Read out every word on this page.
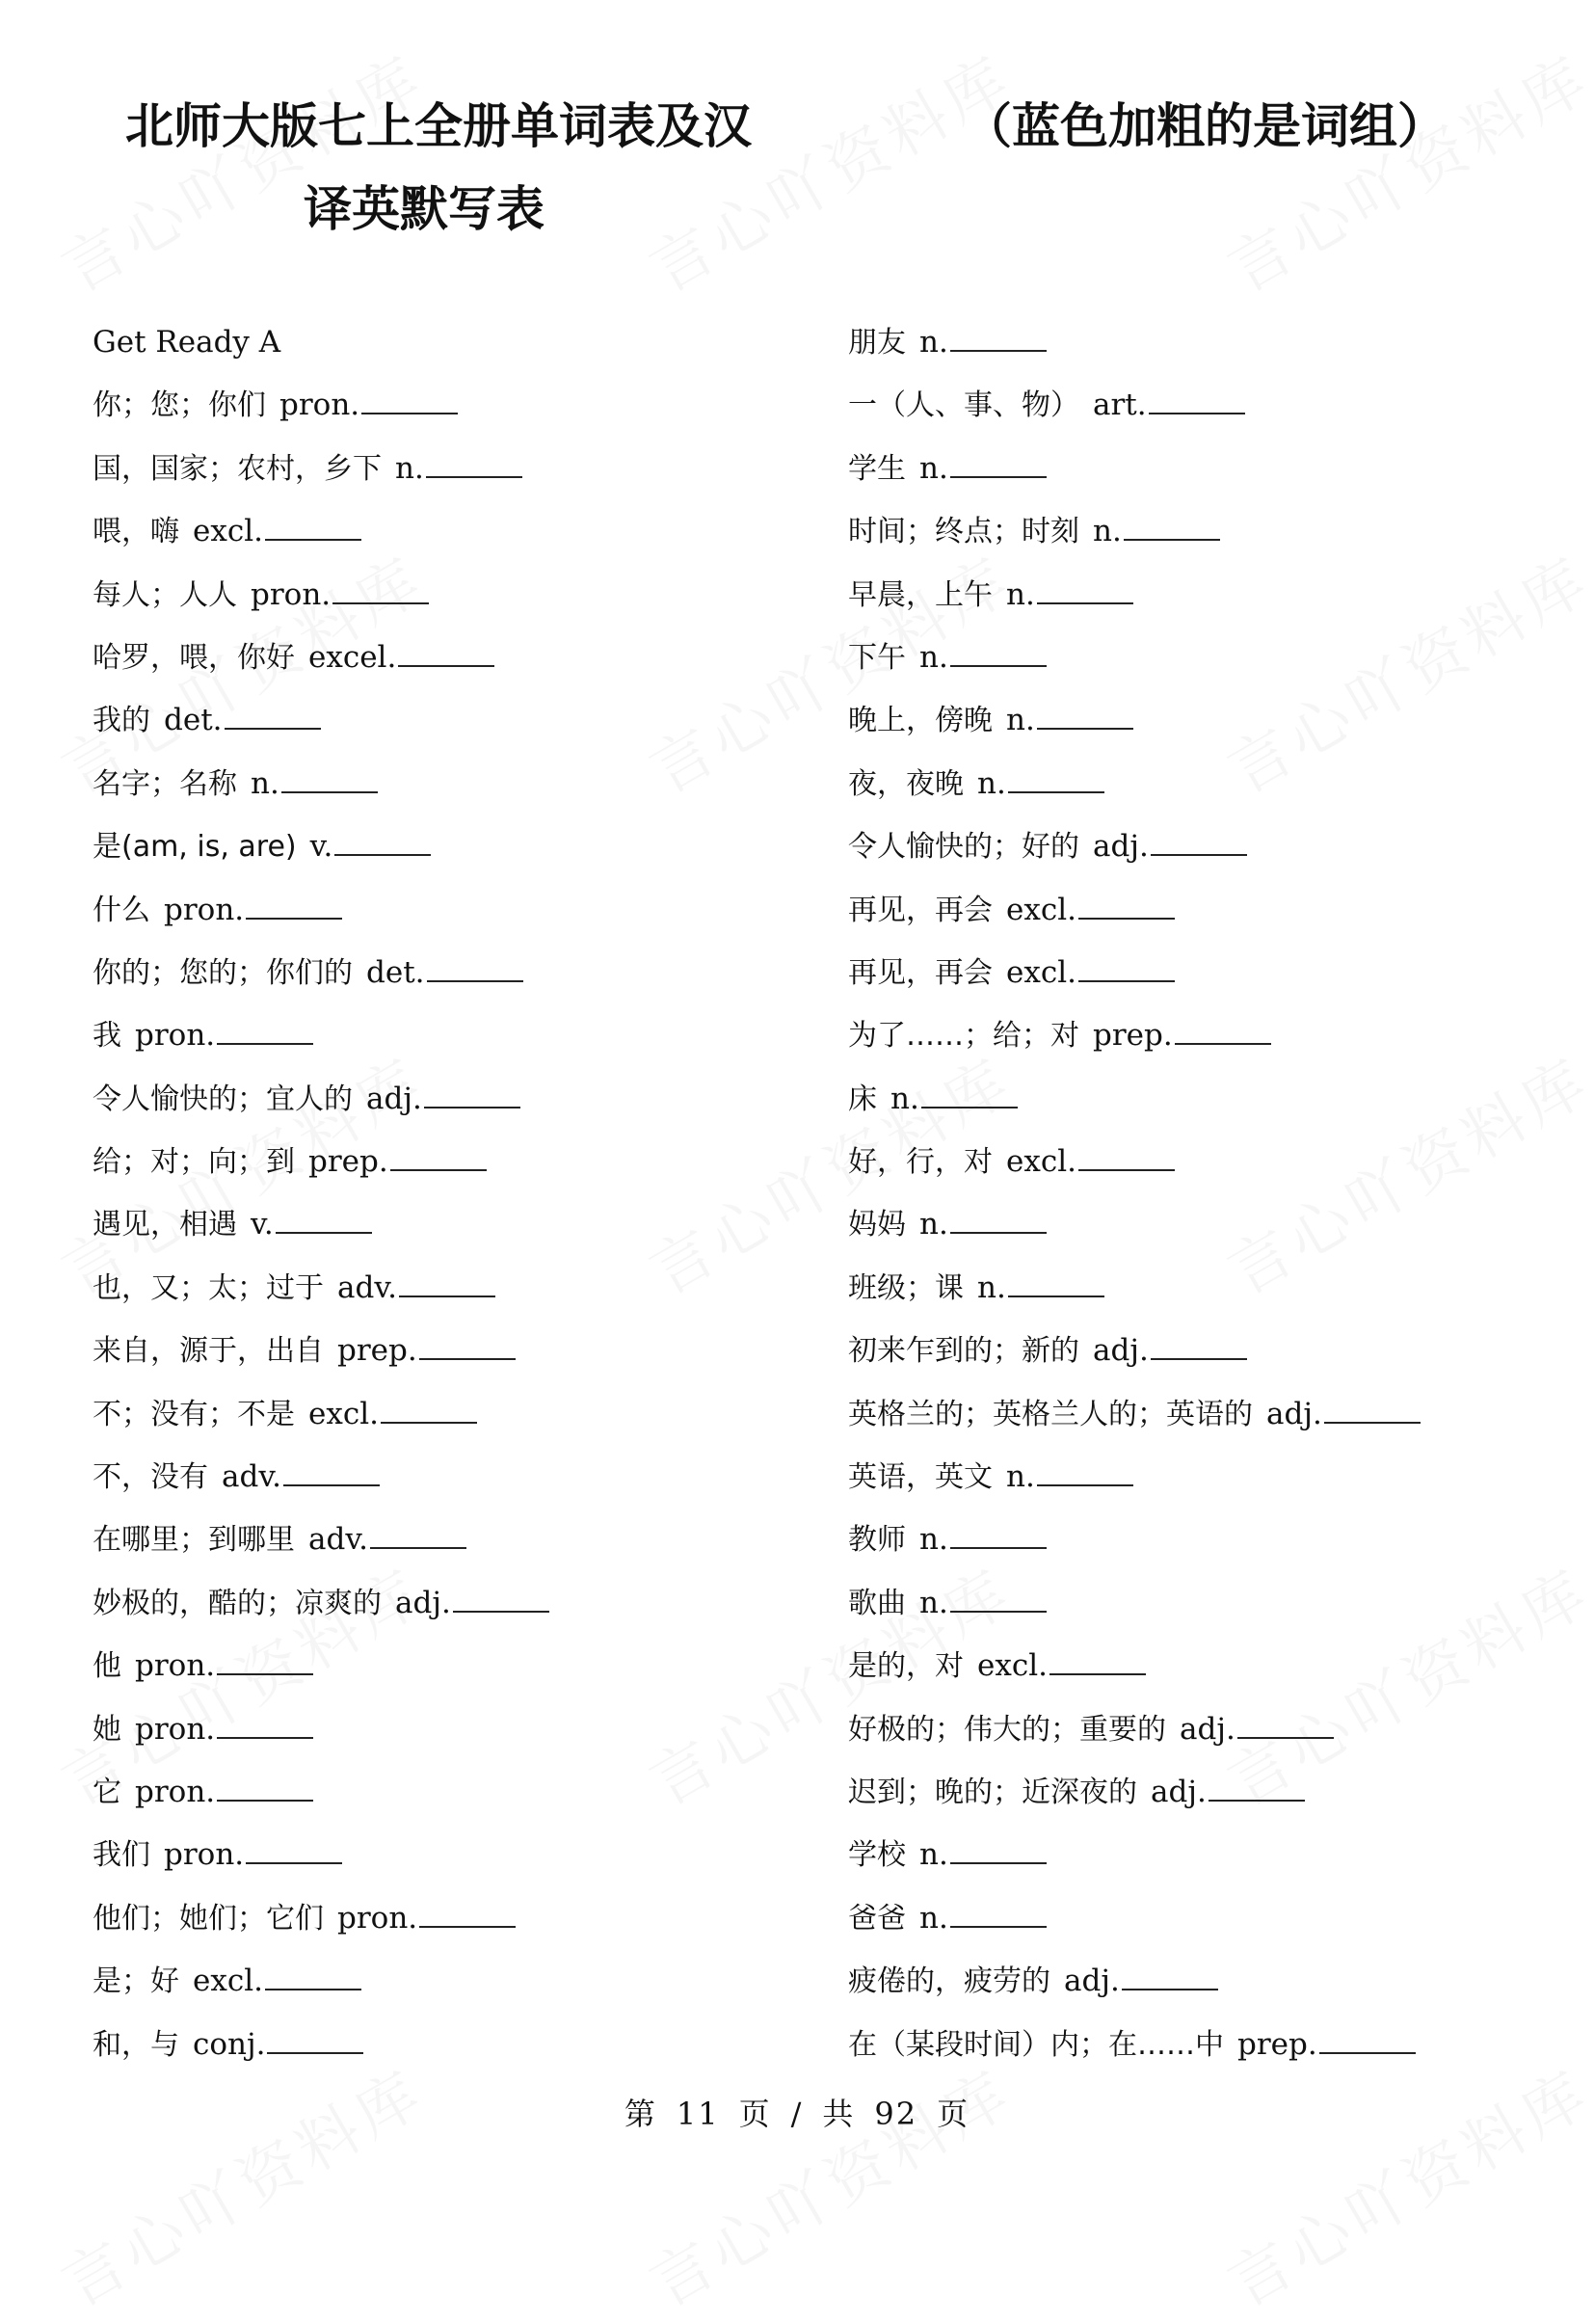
北师大版七上全册单词表及汉	（蓝色加粗的是词组）
译英默写表
Get Ready A
你；您；你们 pron.
国，国家；农村，乡下 n.
喂，嗨 excl.
每人；人人 pron.
哈罗，喂，你好 excel.
我的 det.
名字；名称 n.
是(am, is, are) v.
什么 pron.
你的；您的；你们的 det.
我 pron.
令人愉快的；宜人的 adj.
给；对；向；到 prep.
遇见，相遇 v.
也，又；太；过于 adv.
来自，源于，出自 prep.
不；没有；不是 excl.
不，没有 adv.
在哪里；到哪里 adv.
妙极的，酷的；凉爽的 adj.
他 pron.
她 pron.
它 pron.
我们 pron.
他们；她们；它们 pron.
是；好 excl.
和，与 conj.
朋友 n.
一（人、事、物） art.
学生 n.
时间；终点；时刻 n.
早晨，上午 n.
下午 n.
晚上，傍晚 n.
夜，夜晚 n.
令人愉快的；好的 adj.
再见，再会 excl.
再见，再会 excl.
为了……；给；对 prep.
床 n.
好，行，对 excl.
妈妈 n.
班级；课 n.
初来乍到的；新的 adj.
英格兰的；英格兰人的；英语的 adj.
英语，英文 n.
教师 n.
歌曲 n.
是的，对 excl.
好极的；伟大的；重要的 adj.
迟到；晚的；近深夜的 adj.
学校 n.
爸爸 n.
疲倦的，疲劳的 adj.
在（某段时间）内；在……中 prep.
第 11 页 / 共 92 页
